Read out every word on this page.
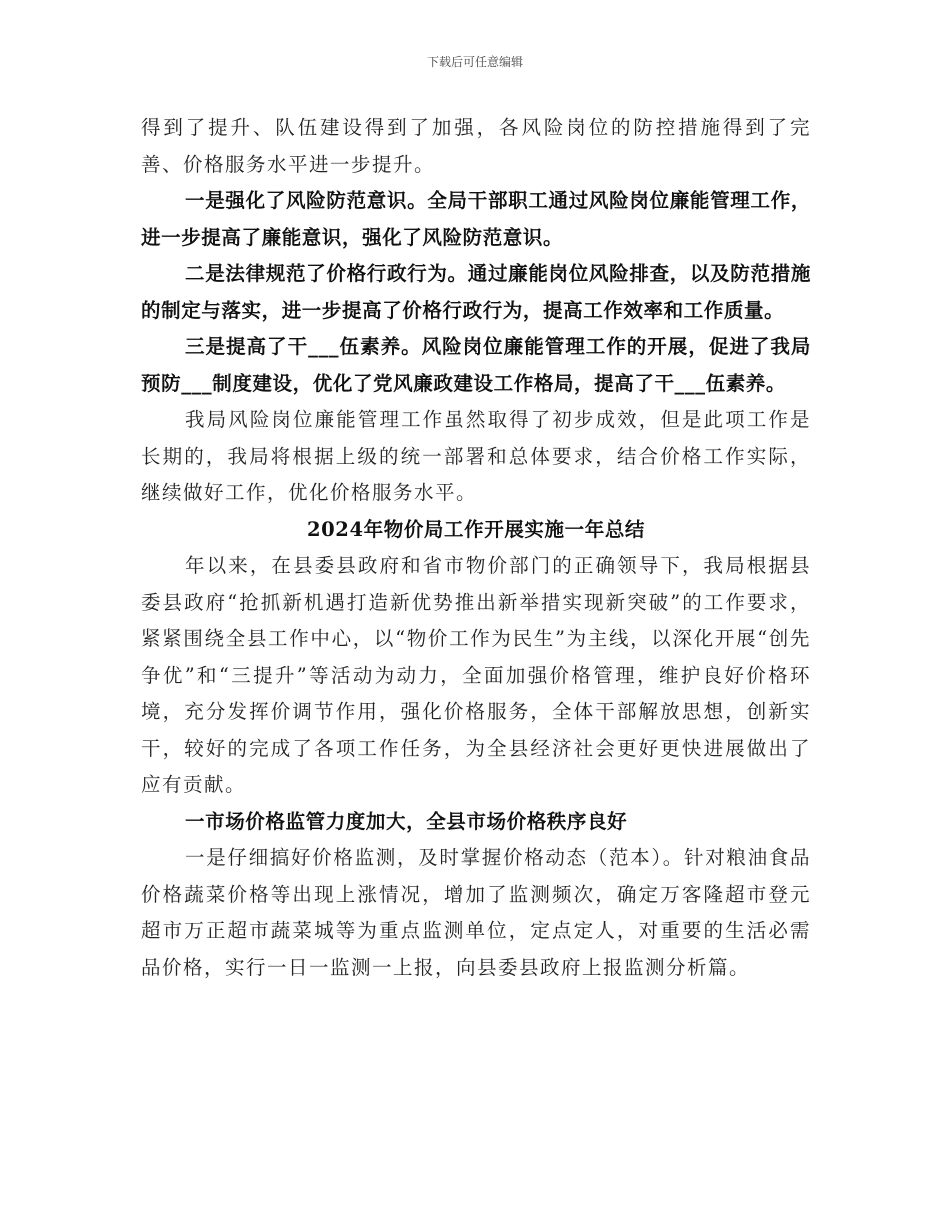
下载后可任意编辑

得到了提升、队伍建设得到了加强，各风险岗位的防控措施得到了完善、价格服务水平进一步提升。

一是强化了风险防范意识。全局干部职工通过风险岗位廉能管理工作，进一步提高了廉能意识，强化了风险防范意识。

二是法律规范了价格行政行为。通过廉能岗位风险排查，以及防范措施的制定与落实，进一步提高了价格行政行为，提高工作效率和工作质量。

三是提高了干___伍素养。风险岗位廉能管理工作的开展，促进了我局预防___制度建设，优化了党风廉政建设工作格局，提高了干___伍素养。

我局风险岗位廉能管理工作虽然取得了初步成效，但是此项工作是长期的，我局将根据上级的统一部署和总体要求，结合价格工作实际，继续做好工作，优化价格服务水平。

2024年物价局工作开展实施一年总结

年以来，在县委县政府和省市物价部门的正确领导下，我局根据县委县政府“抢抓新机遇打造新优势推出新举措实现新突破”的工作要求，紧紧围绕全县工作中心，以“物价工作为民生”为主线，以深化开展“创先争优”和“三提升”等活动为动力，全面加强价格管理，维护良好价格环境，充分发挥价调节作用，强化价格服务，全体干部解放思想，创新实干，较好的完成了各项工作任务，为全县经济社会更好更快进展做出了应有贡献。

一市场价格监管力度加大，全县市场价格秩序良好

一是仔细搞好价格监测，及时掌握价格动态（范本）。针对粮油食品价格蔬菜价格等出现上涨情况，增加了监测频次，确定万客隆超市登元超市万正超市蔬菜城等为重点监测单位，定点定人，对重要的生活必需品价格，实行一日一监测一上报，向县委县政府上报监测分析篇。
